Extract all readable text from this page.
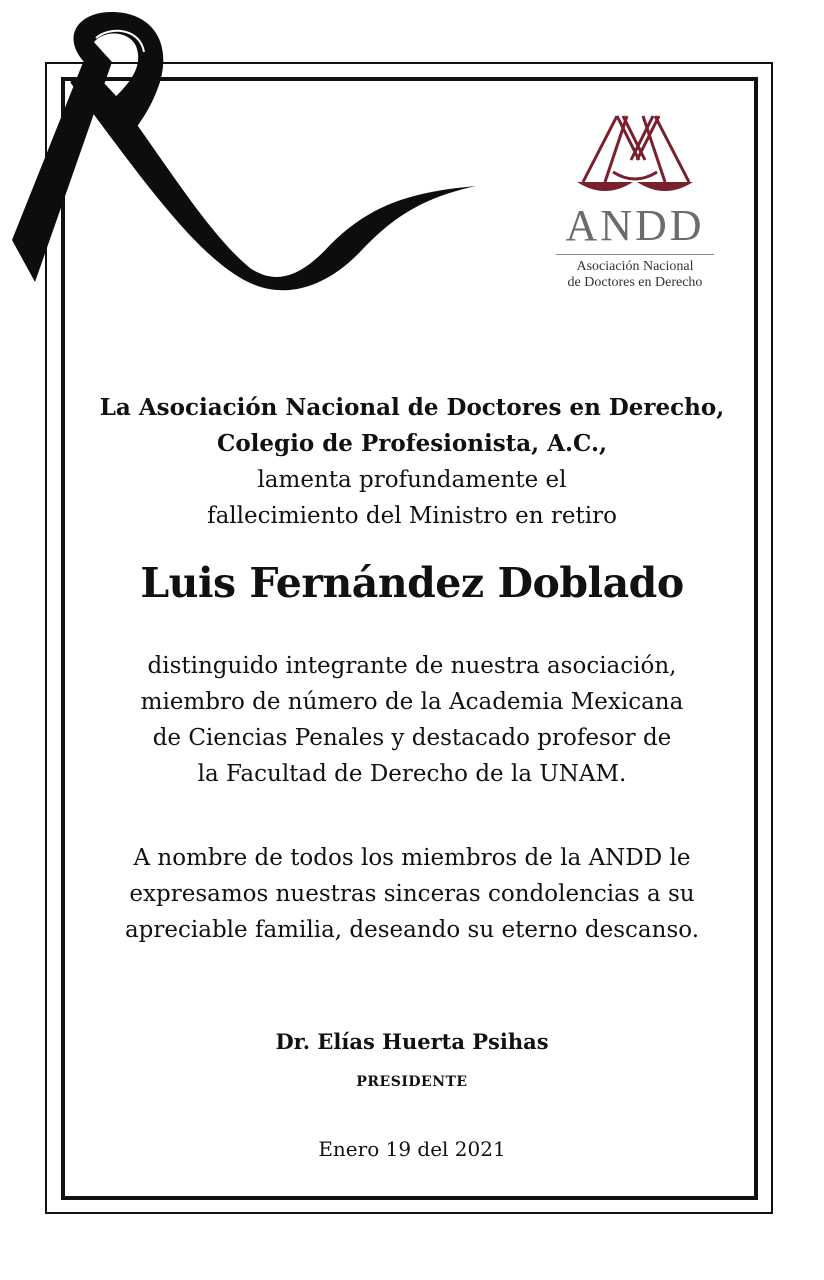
ANDD
Asociación Nacional
de Doctores en Derecho
La Asociación Nacional de Doctores en Derecho,
Colegio de Profesionista, A.C.,
lamenta profundamente el
fallecimiento del Ministro en retiro
Luis Fernández Doblado
distinguido integrante de nuestra asociación,
miembro de número de la Academia Mexicana
de Ciencias Penales y destacado profesor de
la Facultad de Derecho de la UNAM.
A nombre de todos los miembros de la ANDD le
expresamos nuestras sinceras condolencias a su
apreciable familia, deseando su eterno descanso.
Dr. Elías Huerta Psihas
PRESIDENTE
Enero 19 del 2021
